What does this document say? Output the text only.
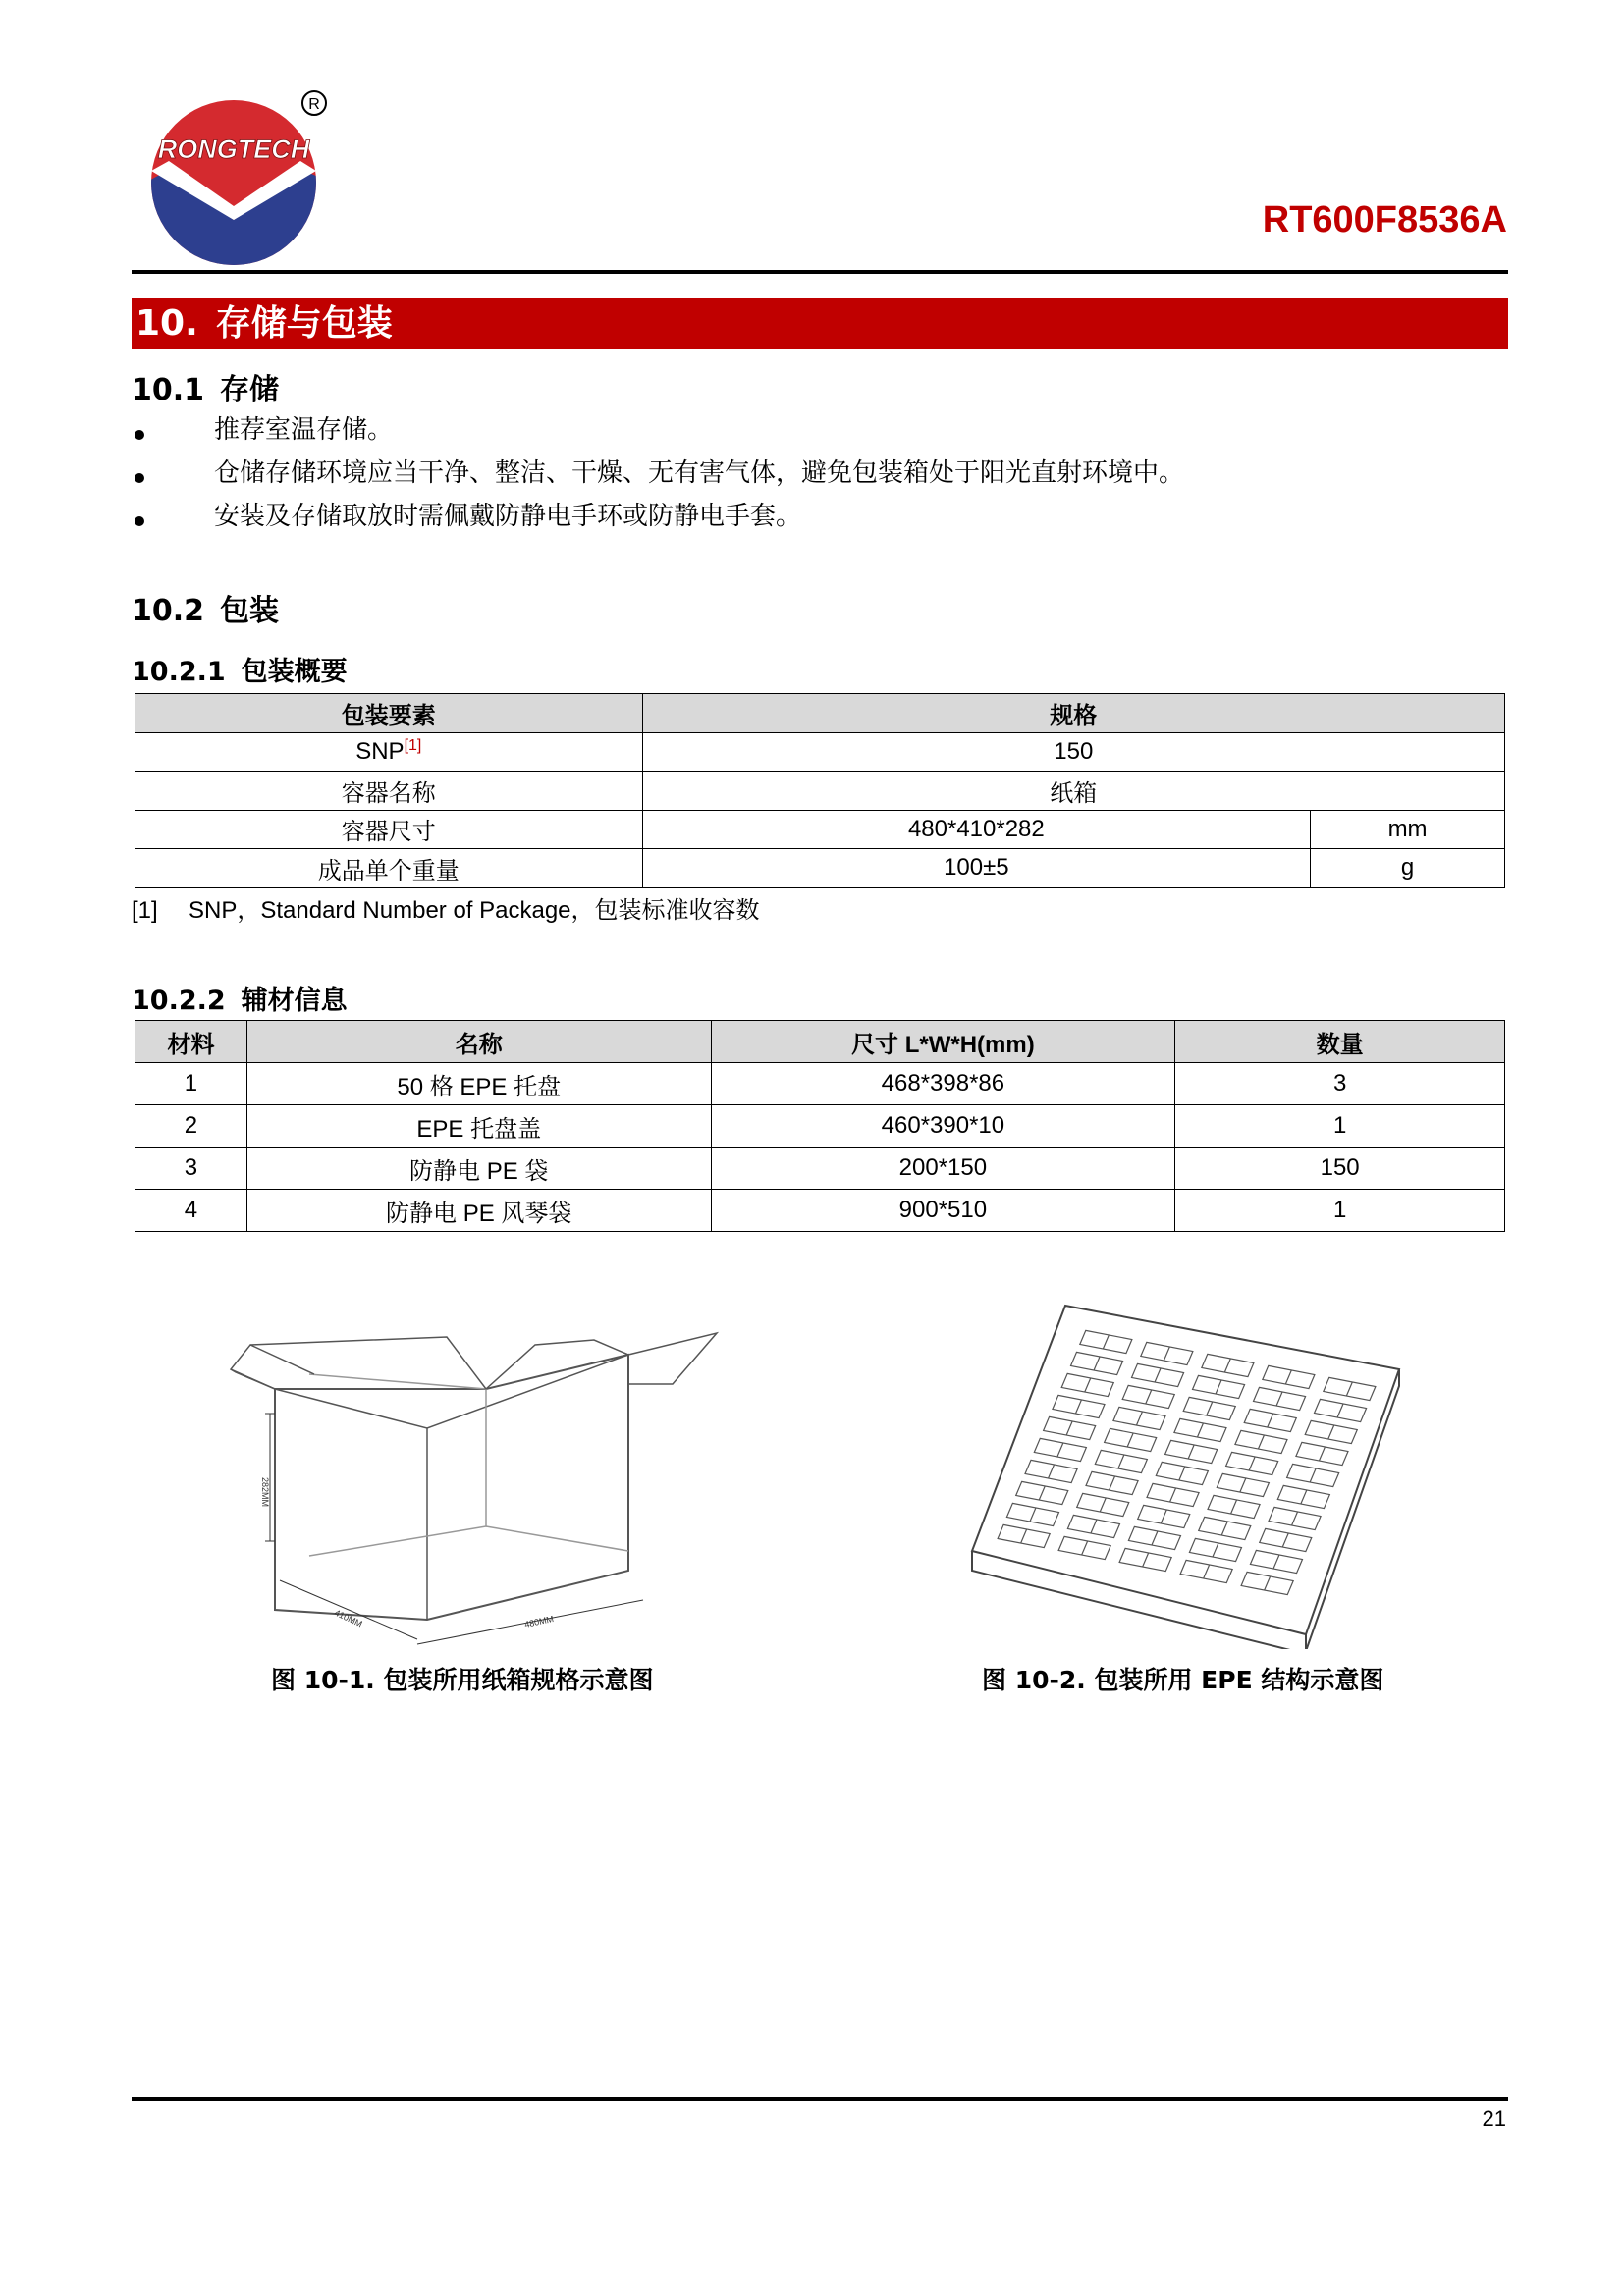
RONGTECH
R
RT600F8536A
10. 存储与包装
10.1 存储
推荐室温存储。
仓储存储环境应当干净、整洁、干燥、无有害气体，避免包装箱处于阳光直射环境中。
安装及存储取放时需佩戴防静电手环或防静电手套。
10.2 包装
10.2.1 包装概要
包装要素	规格	
SNP[1]	150	
容器名称	纸箱	
容器尺寸	480*410*282	mm
成品单个重量	100±5	g
[1] SNP，Standard Number of Package，包装标准收容数
10.2.2 辅材信息
材料	名称	尺寸 L*W*H(mm)	数量
1	50 格 EPE 托盘	468*398*86	3
2	EPE 托盘盖	460*390*10	1
3	防静电 PE 袋	200*150	150
4	防静电 PE 风琴袋	900*510	1
282MM
410MM	480MM
图 10-1. 包装所用纸箱规格示意图	图 10-2. 包装所用 EPE 结构示意图
21
